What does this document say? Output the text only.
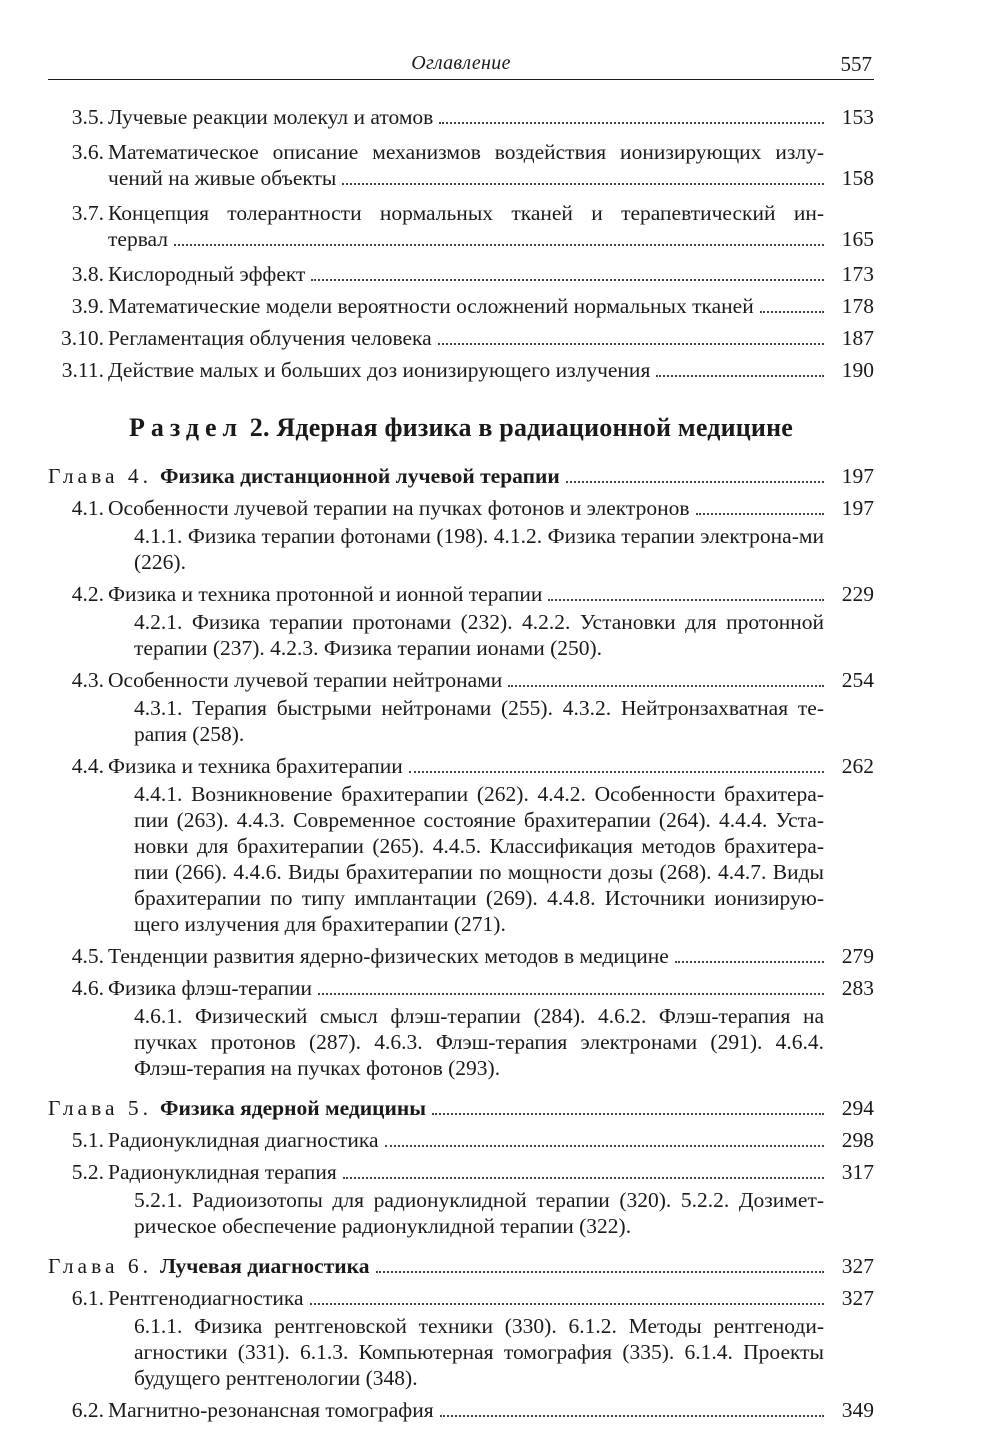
Оглавление	557
3.5. Лучевые реакции молекул и атомов	153
3.6. Математическое описание механизмов воздействия ионизирующих излу-
чений на живые объекты	158
3.7. Концепция толерантности нормальных тканей и терапевтический ин-
тервал	165
3.8. Кислородный эффект	173
3.9. Математические модели вероятности осложнений нормальных тканей	178
3.10. Регламентация облучения человека	187
3.11. Действие малых и больших доз ионизирующего излучения	190
Раздел 2. Ядерная физика в радиационной медицине
Глава 4. Физика дистанционной лучевой терапии	197
4.1. Особенности лучевой терапии на пучках фотонов и электронов	197
4.1.1. Физика терапии фотонами (198). 4.1.2. Физика терапии электрона-ми (226).
4.2. Физика и техника протонной и ионной терапии	229
4.2.1. Физика терапии протонами (232). 4.2.2. Установки для протонной терапии (237). 4.2.3. Физика терапии ионами (250).
4.3. Особенности лучевой терапии нейтронами	254
4.3.1. Терапия быстрыми нейтронами (255). 4.3.2. Нейтронзахватная те-рапия (258).
4.4. Физика и техника брахитерапии	262
4.4.1. Возникновение брахитерапии (262). 4.4.2. Особенности брахитера-пии (263). 4.4.3. Современное состояние брахитерапии (264). 4.4.4. Уста-новки для брахитерапии (265). 4.4.5. Классификация методов брахитера-пии (266). 4.4.6. Виды брахитерапии по мощности дозы (268). 4.4.7. Виды брахитерапии по типу имплантации (269). 4.4.8. Источники ионизирую-щего излучения для брахитерапии (271).
4.5. Тенденции развития ядерно-физических методов в медицине	279
4.6. Физика флэш-терапии	283
4.6.1. Физический смысл флэш-терапии (284). 4.6.2. Флэш-терапия на пучках протонов (287). 4.6.3. Флэш-терапия электронами (291). 4.6.4. Флэш-терапия на пучках фотонов (293).
Глава 5. Физика ядерной медицины	294
5.1. Радионуклидная диагностика	298
5.2. Радионуклидная терапия	317
5.2.1. Радиоизотопы для радионуклидной терапии (320). 5.2.2. Дозимет-рическое обеспечение радионуклидной терапии (322).
Глава 6. Лучевая диагностика	327
6.1. Рентгенодиагностика	327
6.1.1. Физика рентгеновской техники (330). 6.1.2. Методы рентгеноди-агностики (331). 6.1.3. Компьютерная томография (335). 6.1.4. Проекты будущего рентгенологии (348).
6.2. Магнитно-резонансная томография	349
